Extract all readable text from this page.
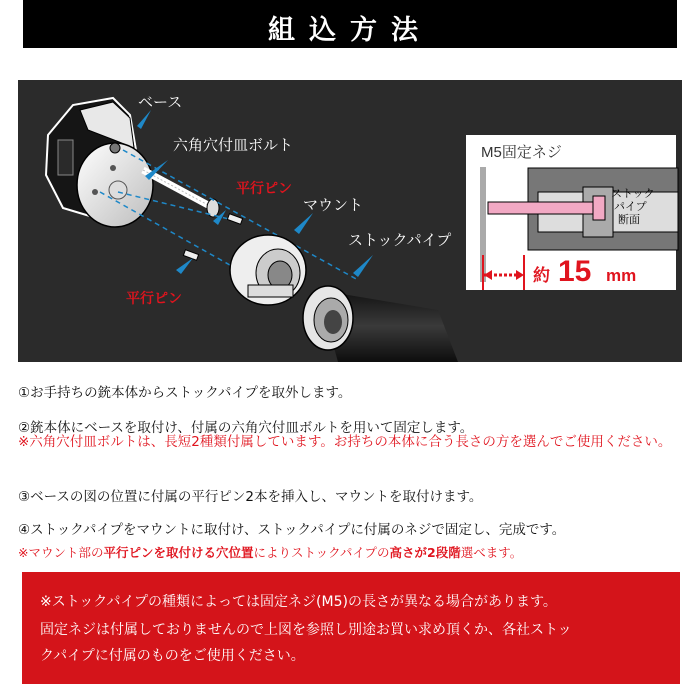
組込方法
ベース
六角穴付皿ボルト
平行ピン
マウント
ストックパイプ
平行ピン
M5固定ネジ
ストック
パイプ
断面
約 15 mm
①お手持ちの銃本体からストックパイプを取外します。
②銃本体にベースを取付け、付属の六角穴付皿ボルトを用いて固定します。
※六角穴付皿ボルトは、長短2種類付属しています。お持ちの本体に合う長さの方を選んでご使用ください。
③ベースの図の位置に付属の平行ピン2本を挿入し、マウントを取付けます。
④ストックパイプをマウントに取付け、ストックパイプに付属のネジで固定し、完成です。
※マウント部の平行ピンを取付ける穴位置によりストックパイプの高さが2段階選べます。
※ストックパイプの種類によっては固定ネジ(M5)の長さが異なる場合があります。
固定ネジは付属しておりませんので上図を参照し別途お買い求め頂くか、各社ストッ
クパイプに付属のものをご使用ください。
